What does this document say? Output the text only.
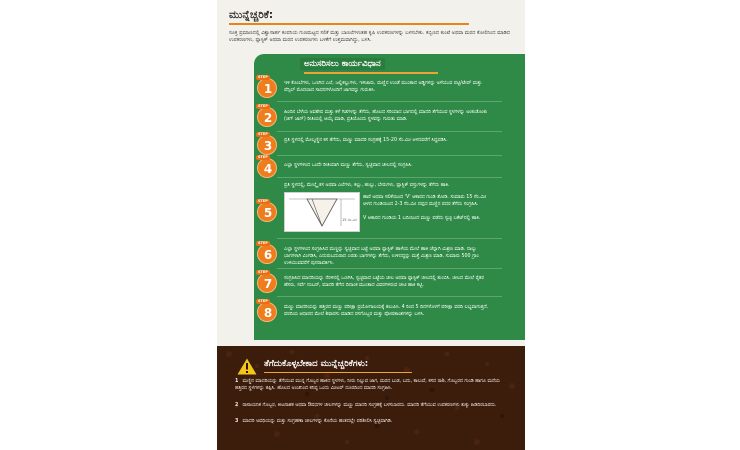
ಮುನ್ನೆಚ್ಚರಿಕೆ:
ಸೂಕ್ತ ಪ್ರಮಾಣದಲ್ಲಿ ವಿಶ್ವಾಸಾರ್ಹ ಕಂಪನಿಯ ಗುಣಮಟ್ಟದ ಸಲಿಕೆ ಮತ್ತು ಬಾಣಲೆಗಳಂತಹ ಕೃಷಿ ಉಪಕರಣಗಳನ್ನು ಬಳಸಬೇಕು. ಕಬ್ಬಿಣದ ಕುಂಟೆ ಅಥವಾ ಮರದ ಕೋಲಿನಿಂದ ಮಾಡಿದ ಉಪಕರಣಗಳು, ಪ್ಲಾಸ್ಟಿಕ್ ಅಥವಾ ಮರದ ಉಪಕರಣಗಳು ಬಳಕೆಗೆ ಉತ್ತಮವಾಗಿದ್ದು, ಬಳಸಿ.
ಅನುಸರಿಸಲು ಕಾರ್ಯವಿಧಾನ
STEP
1	ಇಳಿ ಕೊಂಬೆಗಳು, ಒಣಗಿದ ಎಲೆ, ಜಲ್ಲಿಕಲ್ಲುಗಳು, ಇಳಿಜಾರು, ಮಣ್ಣಿನ ಉಂಡೆ ಮುಂತಾದ ಅಡ್ಡಿಗಳನ್ನು ಅಳೆಯುವ ಪಟ್ಟಿ/ಟೇಪ್ ಮತ್ತು ಪೆನ್ಸಿಲ್ ಮೊದಲಾದ ಸಾಧನಗಳೊಂದಿಗೆ ಜಾಗವನ್ನು ಗುರುತಿಸಿ.
STEP
2	ಹಿಂದಿನ ಬೆಳೆಯ ಅವಶೇಷ ಮತ್ತು ಕಳೆ ಗಿಡಗಳನ್ನು ತೆಗೆದು, ಹೊಲದ ಸರಿಯಾದ ಭಾಗದಲ್ಲಿ ಮಾದರಿ ತೆಗೆಯುವ ಸ್ಥಳಗಳನ್ನು ಅಂಕುಡೊಂಕು (ಜಿಗ್ ಜಾಗ್) ರೀತಿಯಲ್ಲಿ ಆಯ್ಕೆ ಮಾಡಿ, ಪ್ರತಿಯೊಂದು ಸ್ಥಳವನ್ನು ಗುರುತು ಮಾಡಿ.
STEP
3	ಪ್ರತಿ ಸ್ಥಳದಲ್ಲಿ ಮೇಲ್ಮಣ್ಣಿನ ಕಸ ತೆಗೆದು, ಮಣ್ಣು ಮಾದರಿ ಸಂಗ್ರಹಕ್ಕೆ 15-20 ಸೆಂ.ಮೀ ಆಳದವರೆಗೆ ಸಿದ್ಧಪಡಿಸಿ.
STEP
4	ಎಲ್ಲಾ ಸ್ಥಳಗಳಿಂದ ಒಂದೇ ರೀತಿಯಾಗಿ ಮಣ್ಣು ತೆಗೆದು, ಸ್ವಚ್ಛವಾದ ಚೀಲದಲ್ಲಿ ಸಂಗ್ರಹಿಸಿ.
STEP
5
ಪ್ರತಿ ಸ್ಥಳದಲ್ಲಿ, ಮೇಲ್ಮೈ ಕಸ ಅಥವಾ ಎಲೆಗಳು, ಕಲ್ಲು, ಹುಲ್ಲು, ಬೇರುಗಳು, ಪ್ಲಾಸ್ಟಿಕ್ ವಸ್ತುಗಳನ್ನು ತೆಗೆದು ಹಾಕಿ.
15 ಸೆಂ.ಮೀ
ಹಾರೆ ಅಥವಾ ಸಲಿಕೆಯಿಂದ 'V' ಆಕಾರದ ಗುಂಡಿ ತೋಡಿ. ಸುಮಾರು 15 ಸೆಂ.ಮೀ ಆಳದ ಗುಂಡಿಯಿಂದ 2-3 ಸೆಂ.ಮೀ ದಪ್ಪದ ಮಣ್ಣಿನ ಪದರ ತೆಗೆದು ಸಂಗ್ರಹಿಸಿ.
V ಆಕಾರದ ಗುಂಡಿಯ 1 ಬದಿಯಿಂದ ಮಣ್ಣು ಪಡೆದು ಸ್ವಚ್ಛ ಬಕೆಟ್‌ನಲ್ಲಿ ಹಾಕಿ.
STEP
6	ಎಲ್ಲಾ ಸ್ಥಳಗಳಿಂದ ಸಂಗ್ರಹಿಸಿದ ಮಣ್ಣನ್ನು ಸ್ವಚ್ಛವಾದ ಬಟ್ಟೆ ಅಥವಾ ಪ್ಲಾಸ್ಟಿಕ್ ಹಾಳೆಯ ಮೇಲೆ ಹಾಕಿ ಚೆನ್ನಾಗಿ ಮಿಶ್ರಣ ಮಾಡಿ. ನಾಲ್ಕು ಭಾಗಗಳಾಗಿ ವಿಂಗಡಿಸಿ, ಎದುರುಬದುರಾದ ಎರಡು ಭಾಗಗಳನ್ನು ತೆಗೆದು, ಉಳಿದದ್ದನ್ನು ಮತ್ತೆ ಮಿಶ್ರಣ ಮಾಡಿ. ಸುಮಾರು 500 ಗ್ರಾಂ ಉಳಿಯುವವರೆಗೆ ಪುನರಾವರ್ತಿಸಿ.
STEP
7	ಸಂಗ್ರಹಿಸಿದ ಮಾದರಿಯನ್ನು ನೆರಳಿನಲ್ಲಿ ಒಣಗಿಸಿ, ಸ್ವಚ್ಛವಾದ ಬಟ್ಟೆಯ ಚೀಲ ಅಥವಾ ಪ್ಲಾಸ್ಟಿಕ್ ಚೀಲದಲ್ಲಿ ತುಂಬಿಸಿ. ಚೀಲದ ಮೇಲೆ ರೈತರ ಹೆಸರು, ಸರ್ವೆ ನಂಬರ್, ಮಾದರಿ ತೆಗೆದ ದಿನಾಂಕ ಮುಂತಾದ ವಿವರಗಳಿರುವ ಚೀಟಿ ಹಾಕಿ ಕಟ್ಟಿ.
STEP
8	ಮಣ್ಣು ಮಾದರಿಯನ್ನು ಹತ್ತಿರದ ಮಣ್ಣು ಪರೀಕ್ಷಾ ಪ್ರಯೋಗಾಲಯಕ್ಕೆ ತಲುಪಿಸಿ. 4 ರಿಂದ 5 ದಿನಗಳೊಳಗೆ ಪರೀಕ್ಷಾ ವರದಿ ಲಭ್ಯವಾಗುತ್ತದೆ. ವರದಿಯ ಆಧಾರದ ಮೇಲೆ ಶಿಫಾರಸು ಮಾಡಿದ ರಸಗೊಬ್ಬರ ಮತ್ತು ಪೋಷಕಾಂಶಗಳನ್ನು ಬಳಸಿ.
ತೆಗೆದುಕೊಳ್ಳಬೇಕಾದ ಮುನ್ನೆಚ್ಚರಿಕೆಗಳು:
1 ಮಣ್ಣಿನ ಮಾದರಿಯನ್ನು ತೆಗೆಯುವ ಮುನ್ನ ಗೊಬ್ಬರ ಹಾಕಿದ ಸ್ಥಳಗಳು, ನೀರು ನಿಲ್ಲುವ ಜಾಗ, ಮರದ ಬುಡ, ಬದು, ಕಾಲುವೆ, ಕಸದ ರಾಶಿ, ಗೊಬ್ಬರದ ಗುಂಡಿ ಹಾಗೂ ಮನೆಯ ಹತ್ತಿರದ ಸ್ಥಳಗಳನ್ನು ತಪ್ಪಿಸಿ. ಹೊಲದ ಅಂಚಿನಿಂದ ಕನಿಷ್ಠ ಒಂದು ಮೀಟರ್ ದೂರದಿಂದ ಮಾದರಿ ಸಂಗ್ರಹಿಸಿ.
2 ರಾಸಾಯನಿಕ ಗೊಬ್ಬರ, ಕೀಟನಾಶಕ ಅಥವಾ ಔಷಧಗಳ ಚೀಲಗಳನ್ನು ಮಣ್ಣು ಮಾದರಿ ಸಂಗ್ರಹಕ್ಕೆ ಬಳಸಬಾರದು. ಮಾದರಿ ತೆಗೆಯುವ ಉಪಕರಣಗಳು ತುಕ್ಕು ಹಿಡಿದಿರಬಾರದು.
3 ಮಾದರಿ ಅವಧಿಯನ್ನು ಮತ್ತು ಸಂಗ್ರಹಣಾ ಚೀಲಗಳನ್ನು ಕೊನೆಯ ಹಂತದಲ್ಲೇ ಪರಿಶೀಲಿಸಿ ಸ್ವಚ್ಛವಾಗಿಡಿ.
